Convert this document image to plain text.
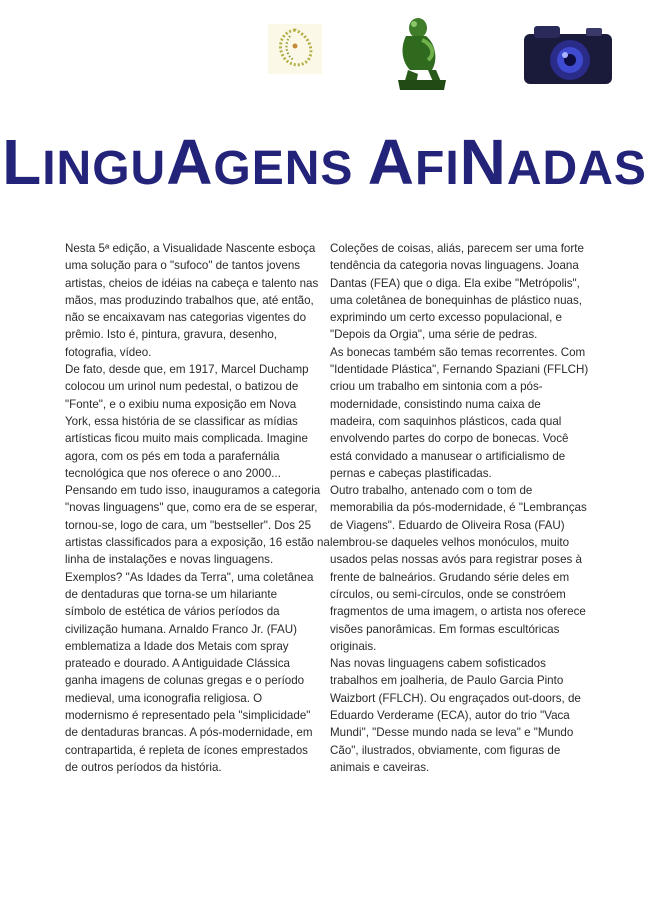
LINGUAGENS AFINADAS

Nesta 5ª edição, a Visualidade Nascente esboça
uma solução para o "sufoco" de tantos jovens
artistas, cheios de idéias na cabeça e talento nas
mãos, mas produzindo trabalhos que, até então,
não se encaixavam nas categorias vigentes do
prêmio. Isto é, pintura, gravura, desenho,
fotografia, vídeo.

De fato, desde que, em 1917, Marcel Duchamp
colocou um urinol num pedestal, o batizou de
"Fonte", e o exibiu numa exposição em Nova
York, essa história de se classificar as mídias
artísticas ficou muito mais complicada. Imagine
agora, com os pés em toda a parafernália
tecnológica que nos oferece o ano 2000...

Pensando em tudo isso, inauguramos a categoria
"novas linguagens" que, como era de se esperar,
tornou-se, logo de cara, um "bestseller". Dos 25
artistas classificados para a exposição, 16 estão na
linha de instalações e novas linguagens.

Exemplos? "As Idades da Terra", uma coletânea
de dentaduras que torna-se um hilariante
símbolo de estética de vários períodos da
civilização humana. Arnaldo Franco Jr. (FAU)
emblematiza a Idade dos Metais com spray
prateado e dourado. A Antiguidade Clássica
ganha imagens de colunas gregas e o período
medieval, uma iconografia religiosa. O
modernismo é representado pela "simplicidade"
de dentaduras brancas. A pós-modernidade, em
contrapartida, é repleta de ícones emprestados
de outros períodos da história.

Coleções de coisas, aliás, parecem ser uma forte
tendência da categoria novas linguagens. Joana
Dantas (FEA) que o diga. Ela exibe "Metrópolis",
uma coletânea de bonequinhas de plástico nuas,
exprimindo um certo excesso populacional, e
"Depois da Orgia", uma série de pedras.

As bonecas também são temas recorrentes. Com
"Identidade Plástica", Fernando Spaziani (FFLCH)
criou um trabalho em sintonia com a pós-
modernidade, consistindo numa caixa de
madeira, com saquinhos plásticos, cada qual
envolvendo partes do corpo de bonecas. Você
está convidado a manusear o artificialismo de
pernas e cabeças plastificadas.

Outro trabalho, antenado com o tom de
memorabilia da pós-modernidade, é "Lembranças
de Viagens". Eduardo de Oliveira Rosa (FAU)
lembrou-se daqueles velhos monóculos, muito
usados pelas nossas avós para registrar poses à
frente de balneários. Grudando série deles em
círculos, ou semi-círculos, onde se constróem
fragmentos de uma imagem, o artista nos oferece
visões panorâmicas. Em formas escultóricas
originais.

Nas novas linguagens cabem sofisticados
trabalhos em joalheria, de Paulo Garcia Pinto
Waizbort (FFLCH). Ou engraçados out-doors, de
Eduardo Verderame (ECA), autor do trio "Vaca
Mundi", "Desse mundo nada se leva" e "Mundo
Cão", ilustrados, obviamente, com figuras de
animais e caveiras.
